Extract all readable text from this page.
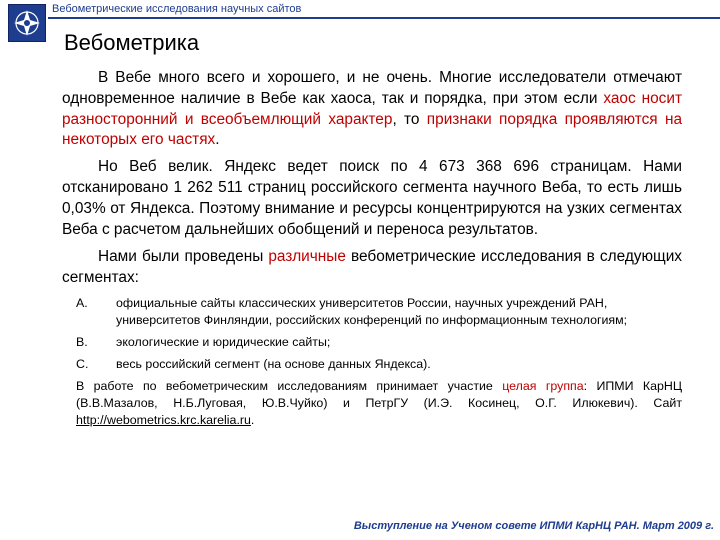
Вебометрические исследования научных сайтов
Вебометрика

В Вебе много всего и хорошего, и не очень. Многие исследователи отмечают одновременное наличие в Вебе как хаоса, так и порядка, при этом если хаос носит разносторонний и всеобъемлющий характер, то признаки порядка проявляются на некоторых его частях.

Но Веб велик. Яндекс ведет поиск по 4 673 368 696 страницам. Нами отсканировано 1 262 511 страниц российского сегмента научного Веба, то есть лишь 0,03% от Яндекса. Поэтому внимание и ресурсы концентрируются на узких сегментах Веба с расчетом дальнейших обобщений и переноса результатов.

Нами были проведены различные вебометрические исследования в следующих сегментах:

A.	официальные сайты классических университетов России, научных учреждений РАН, университетов Финляндии, российских конференций по информационным технологиям;
B.	экологические и юридические сайты;
C.	весь российский сегмент (на основе данных Яндекса).

В работе по вебометрическим исследованиям принимает участие целая группа: ИПМИ КарНЦ (В.В.Мазалов, Н.Б.Луговая, Ю.В.Чуйко) и ПетрГУ (И.Э. Косинец, О.Г. Илюкевич). Сайт http://webometrics.krc.karelia.ru.

Выступление на Ученом совете ИПМИ КарНЦ РАН. Март 2009 г.
